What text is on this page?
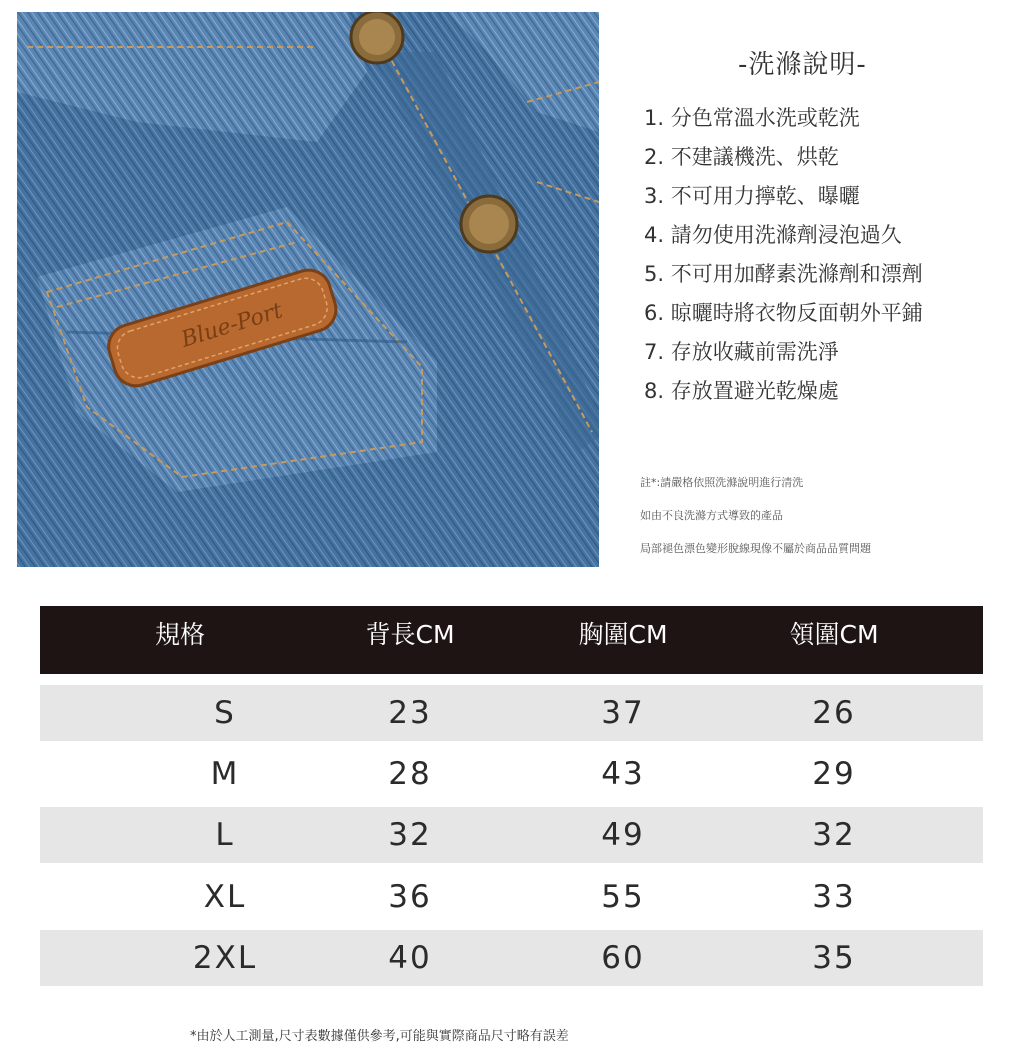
Blue-Port
-洗滌說明-
1. 分色常溫水洗或乾洗
2. 不建議機洗、烘乾
3. 不可用力擰乾、曝曬
4. 請勿使用洗滌劑浸泡過久
5. 不可用加酵素洗滌劑和漂劑
6. 晾曬時將衣物反面朝外平鋪
7. 存放收藏前需洗淨
8. 存放置避光乾燥處
註*:請嚴格依照洗滌說明進行清洗
如由不良洗滌方式導致的產品
局部褪色漂色變形脫線現像不屬於商品品質問題
規格	背長CM	胸圍CM	領圍CM
S	23	37	26
M	28	43	29
L	32	49	32
XL	36	55	33
2XL	40	60	35
*由於人工測量,尺寸表數據僅供參考,可能與實際商品尺寸略有誤差
